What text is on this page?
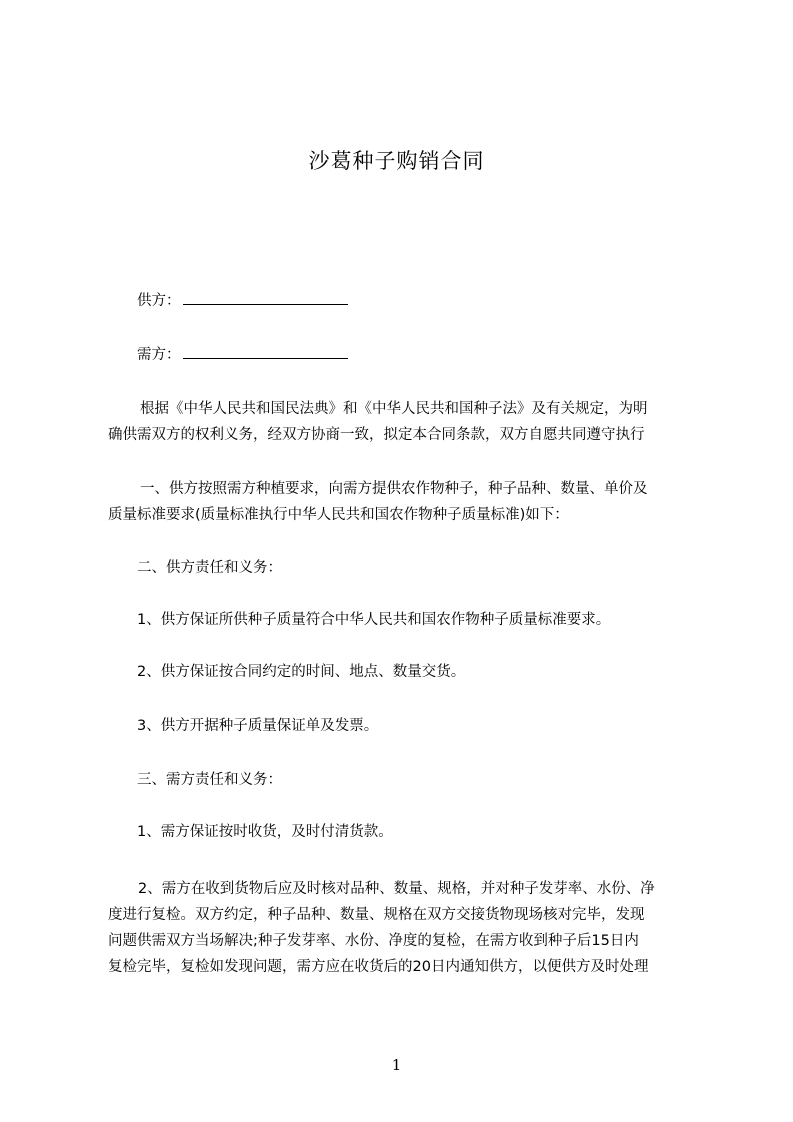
沙葛种子购销合同
供方：
需方：
根据《中华人民共和国民法典》和《中华人民共和国种子法》及有关规定，为明
确供需双方的权利义务，经双方协商一致，拟定本合同条款，双方自愿共同遵守执行
一、供方按照需方种植要求，向需方提供农作物种子，种子品种、数量、单价及
质量标准要求(质量标准执行中华人民共和国农作物种子质量标准)如下：
二、供方责任和义务：
1、供方保证所供种子质量符合中华人民共和国农作物种子质量标准要求。
2、供方保证按合同约定的时间、地点、数量交货。
3、供方开据种子质量保证单及发票。
三、需方责任和义务：
1、需方保证按时收货，及时付清货款。
2、需方在收到货物后应及时核对品种、数量、规格，并对种子发芽率、水份、净
度进行复检。双方约定，种子品种、数量、规格在双方交接货物现场核对完毕，发现
问题供需双方当场解决;种子发芽率、水份、净度的复检，在需方收到种子后15日内
复检完毕，复检如发现问题，需方应在收货后的20日内通知供方，以便供方及时处理
1
